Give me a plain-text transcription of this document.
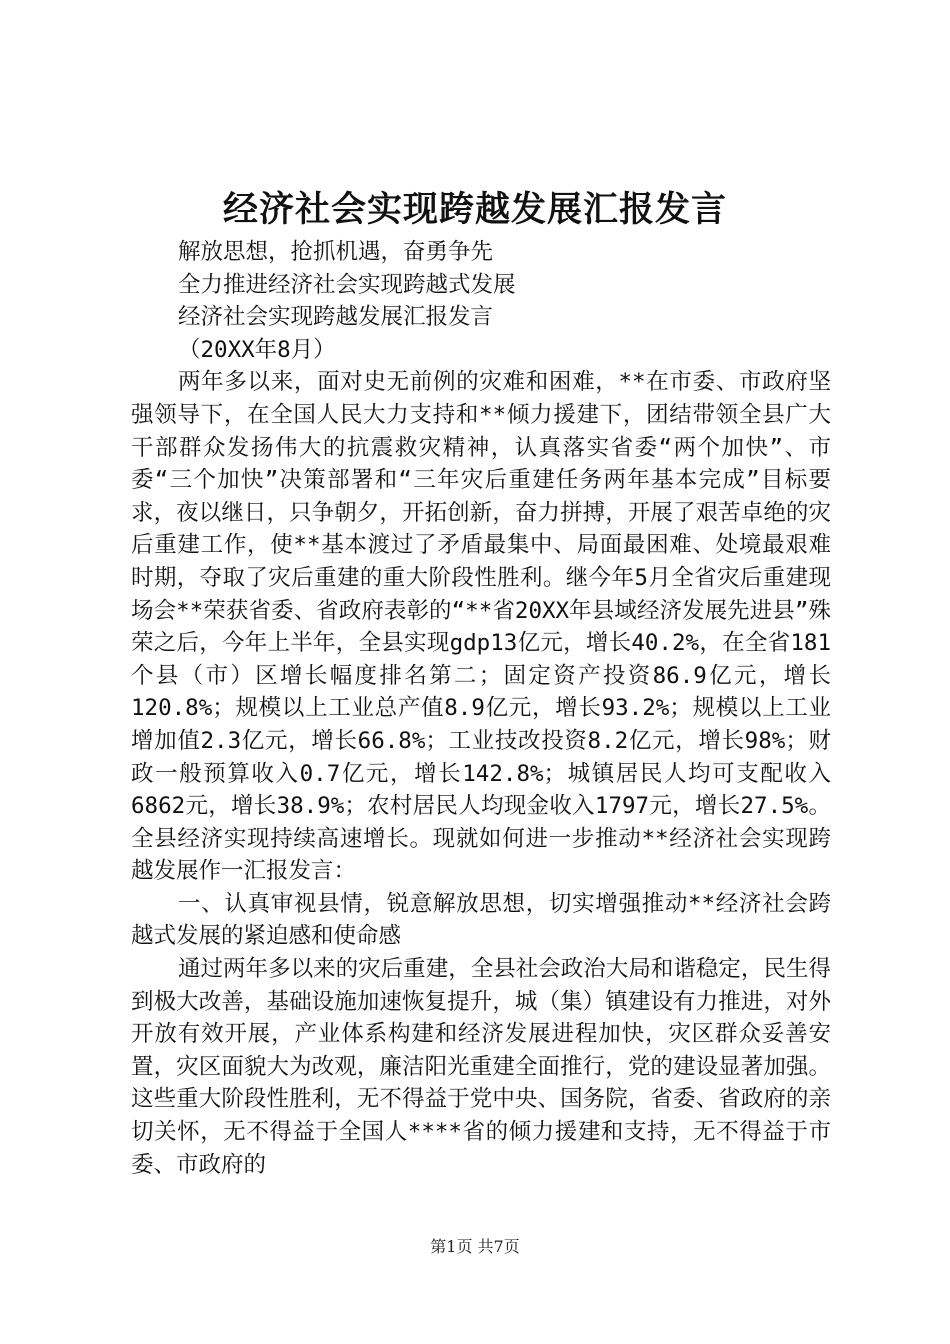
经济社会实现跨越发展汇报发言
解放思想，抢抓机遇，奋勇争先
全力推进经济社会实现跨越式发展
经济社会实现跨越发展汇报发言
（20XX年8月）

两年多以来，面对史无前例的灾难和困难，**在市委、市政府坚强领导下，在全国人民大力支持和**倾力援建下，团结带领全县广大干部群众发扬伟大的抗震救灾精神，认真落实省委“两个加快”、市委“三个加快”决策部署和“三年灾后重建任务两年基本完成”目标要求，夜以继日，只争朝夕，开拓创新，奋力拼搏，开展了艰苦卓绝的灾后重建工作，使**基本渡过了矛盾最集中、局面最困难、处境最艰难时期，夺取了灾后重建的重大阶段性胜利。继今年5月全省灾后重建现场会**荣获省委、省政府表彰的“**省20XX年县域经济发展先进县”殊荣之后，今年上半年，全县实现gdp13亿元，增长40.2%，在全省181个县（市）区增长幅度排名第二；固定资产投资86.9亿元，增长120.8%；规模以上工业总产值8.9亿元，增长93.2%；规模以上工业增加值2.3亿元，增长66.8%；工业技改投资8.2亿元，增长98%；财政一般预算收入0.7亿元，增长142.8%；城镇居民人均可支配收入6862元，增长38.9%；农村居民人均现金收入1797元，增长27.5%。全县经济实现持续高速增长。现就如何进一步推动**经济社会实现跨越发展作一汇报发言：

一、认真审视县情，锐意解放思想，切实增强推动**经济社会跨越式发展的紧迫感和使命感

通过两年多以来的灾后重建，全县社会政治大局和谐稳定，民生得到极大改善，基础设施加速恢复提升，城（集）镇建设有力推进，对外开放有效开展，产业体系构建和经济发展进程加快，灾区群众妥善安置，灾区面貌大为改观，廉洁阳光重建全面推行，党的建设显著加强。这些重大阶段性胜利，无不得益于党中央、国务院，省委、省政府的亲切关怀，无不得益于全国人****省的倾力援建和支持，无不得益于市委、市政府的

第1页 共7页
